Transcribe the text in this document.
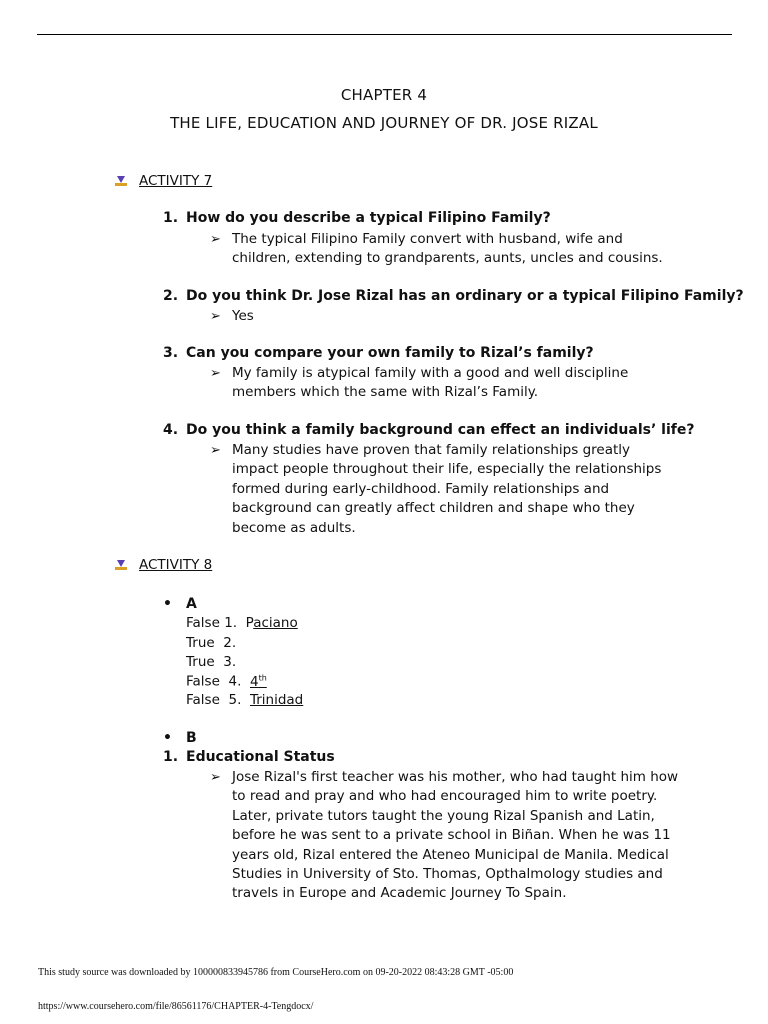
CHAPTER 4
THE LIFE, EDUCATION AND JOURNEY OF DR. JOSE RIZAL
ACTIVITY 7
1. How do you describe a typical Filipino Family?
➢ The typical Filipino Family convert with husband, wife and children, extending to grandparents, aunts, uncles and cousins.
2. Do you think Dr. Jose Rizal has an ordinary or a typical Filipino Family?
➢ Yes
3. Can you compare your own family to Rizal’s family?
➢ My family is atypical family with a good and well discipline members which the same with Rizal’s Family.
4. Do you think a family background can effect an individuals’ life?
➢ Many studies have proven that family relationships greatly impact people throughout their life, especially the relationships formed during early-childhood. Family relationships and background can greatly affect children and shape who they become as adults.
ACTIVITY 8
• A
False 1. Paciano
True 2.
True 3.
False 4. 4th
False 5. Trinidad
• B
1. Educational Status
➢ Jose Rizal's first teacher was his mother, who had taught him how to read and pray and who had encouraged him to write poetry. Later, private tutors taught the young Rizal Spanish and Latin, before he was sent to a private school in Biñan. When he was 11 years old, Rizal entered the Ateneo Municipal de Manila. Medical Studies in University of Sto. Thomas, Opthalmology studies and travels in Europe and Academic Journey To Spain.
This study source was downloaded by 100000833945786 from CourseHero.com on 09-20-2022 08:43:28 GMT -05:00
https://www.coursehero.com/file/86561176/CHAPTER-4-Tengdocx/
